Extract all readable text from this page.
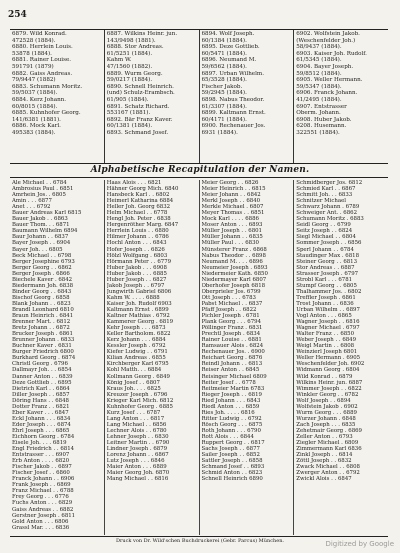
254
6879. Wild Konrad.
472528 (1884).
6880. Herrlein Louis.
53878 (1884).
6881. Rainer Louise.
591791 (1879)
6882. Gaiss Andreas.
79/9447 (1882)
6883. Schumann Moritz.
59/5037 (1884).
6884. Kerz Johann.
60/8015 (1884).
6885. Kuhnhofer Georg.
141/6381 (1881).
6886. Mock Karl.
495383 (1884).
6887. Wilkins Heinr. jun.
143/9498 (1881).
6888. Stor Andreas.
61/5251 (1884).
Kahm W.
47/1560 (1882).
6889. Wurm Georg.
59/0217 (1884).
6890. Schnell Heinrich.
(und) Schulz-Erambsch.
61/905 (1884).
6891. Schatz Richard.
553167 (1881).
6892. Bär Franz Kaver.
60/1381 (1884).
6893. Schmand Josef.
6894. Wolf Joseph.
60/1384 (1884).
6895. Deze Gottlieb.
60/5471 (1884).
6896. Neumand M.
59/6562 (1884).
6897. Urban Wilhelm.
65/3528 (1884).
Fischer Jakob.
59/2945 (1884).
6898. Nabus Theodor.
61/3307 (1884).
6899. Kaltmann Ernst.
60/4171 (1884).
6900. Rechenauer Jos.
6931 (1884).
6902. Wolfstein Jakob.
(Weschenfelder Joh.)
58/9437 (1884).
6903. Kaiser Joh. Rudolf.
61/5345 (1884).
6904. Bayer Joseph.
59/8512 (1884).
6905. Weller Hermann.
59/5347 (1884).
6906. Franck Johann.
41/2495 (1884).
6907. Entstrasser
Oberm. Johann.
6908. Huber Jakob.
6208. Husemann.
322551 (1884).
Alphabetische Recapitulation der Namen.
Ale Michael . . 6784
Ambrosius Paul . 6851
Amrhein Jos. . 6805
Amin . . . 6877
Anet . . . 6792
Bauer Andreas Karl 6815
Bauer Jakob . . 6863
Bauer Thom. . . 6871
Baumann Wilhelm 6894
Baur Johann . . 6837
Bayer Joseph . . 6904
Bayer Joh. . . 6805
Beck Michael . . 6798
Berger Josephine 6793
Berger Georg . . 6862
Berger Joseph . 6866
Biechele Kaver . 6842
Biedermann Joh. 6838
Binder Georg . . 6843
Bischof Georg . 6858
Blank Johann . . 6823
Brandl Leonhard 6810
Braun Heinrich . 6841
Brenner Mart. . 6812
Bretz Johann . . 6872
Brucker Joseph . 6861
Brunner Johann . 6833
Buchner Kaver . 6831
Burger Friedrich 6800
Burkhard Georg . 6874
Christl Georg . 6796
Dallmayr Joh. . . 6854
Danner Anton . . 6839
Deze Gottlieb . . 6895
Dietrich Karl . . 6864
Diller Joseph . . 6857
Döring Hans . . 6848
Dotter Franz . . 6821
Eber Kaver . . . 6847
Eckl Johann . . . 6834
Eder Joseph . . . 6874
Ehrl Joseph . . . 6865
Eichhorn Georg . 6784
Eisele Joh. . . . 6819
Engl Friedrich . . 6814
Entstrasser . . . 6907
Erb Anton . . . . 6820
Fischer Jakob . . 6897
Fischer Josef . . 6860
Franck Johann . . 6906
Frank Joseph . . 6869
Franz Michael . . 6788
Frey Georg . . . 6776
Fuchs Anton . . . 6829
Gaiss Andreas . . 6882
Gerstner Joseph . 6811
Gold Anton . . . 6806
Grassl Mar. . . . 6836
Haas Alois . . . 6821
Hähner Georg Mich. 6840
Hansbeck Karl . . 6802
Heimerl Katharina 6884
Heller Joh. Georg 6832
Helm Michael . . 6778
Hengl Joh. Peter . 6838
Hergenröther Marg. 6847
Herrlein Louis . . 6880
Hilmer Johann . . 6786
Hochl Anton . . . 6843
Hofer Joseph . . 6826
Hölzl Wolfgang . 6803
Hörmann Peter . . 6779
Huber Jakob . . . 6908
Huber Jakob . . . 6885
Huber Joseph . . 6827
Jakob Joseph . . 6797
Jungwirth Gabriel 6806
Kahm W. . . . . 6888
Kaiser Joh. Rudolf 6903
Kaltmann Ernst . 6899
Kaltner Mathias . 6792
Kammerer Georg . 6819
Kehr Joseph . . . 6873
Keller Bartholom. 6822
Kerz Johann . . . 6884
Kessler Joseph . 6792
Kiefer Ludwig . . 6791
Kilian Andreas . 6855
Kirchberger Karl 6795
Kohl Matth. . . 6884
Kollmann Georg . 6849
König Josef . . 6807
Kraus Joh. . . . 6825
Kreuzer Joseph . 6796
Krieger Karl Mich. 6812
Kuhnhofer Georg . 6885
Kurz Josef . . . 6787
Lang Anton . . . 6817
Lang Michael . . 6856
Lechner Alois . . 6780
Lehner Joseph . . 6830
Leitner Martin . . 6790
Lindner Joseph . 6879
Lorenz Johann . . 6867
Lutz Joseph . . . 6846
Maier Anton . . . 6889
Maier Georg Joh. 6870
Mang Michael . . 6816
Meier Georg . . 6826
Meier Heinrich . . 6815
Meier Johann . . 6842
Merkl Joseph . . 6840
Merkle Michael . 6807
Meyer Thomas . . 6851
Mock Karl . . . . 6886
Moser Anton . . . 6893
Müller Joseph . . 6801
Müller Johann . . 6835
Müller Paul . . . 6830
Münsterer Franz . 6868
Nabus Theodor . . 6898
Neumand M. . . . 6896
Neumeier Joseph . 6893
Niedermeier Kath. 6850
Niedermayer Karl 6807
Oberhofer Joseph 6818
Oberprieler Jos. 6799
Ott Joseph . . . 6783
Pabst Michael . . 6837
Pfaff Joseph . . 6822
Pichler Joseph . 6781
Plank Georg . . . 6794
Pöllinger Franz . 6831
Prechtl Joseph . 6834
Rainer Louise . . 6881
Ramsauer Alois . 6824
Rechenauer Jos. . 6900
Reichart Georg . 6876
Reindl Johann . . 6813
Reiser Anton . . 6845
Reisinger Michael 6809
Reiter Josef . . 6778
Reitmeier Martin 6783
Rieger Joseph . . 6819
Ried Johann . . . 6843
Riedl Anton . . . 6859
Ries Joh. . . . . 6816
Ritter Ludwig . . 6792
Rösch Georg . . . 6875
Roth Johann . . . 6790
Rott Alois . . . 6844
Ruppert Georg . . 6817
Sachs Joseph . . 6877
Sailer Joseph . . 6852
Sattler Joseph . . 6858
Schmand Josef . . 6893
Schmid Anton . . 6823
Schnell Heinrich 6890
Schmidberger Jos. 6812
Schmied Karl . . 6867
Schmitt Joh. . . 6833
Schnitzer Michael
Schwarz Johann . 6789
Schweiger Ant. . 6862
Schumann Moritz . 6883
Seidl Georg . . 6799
Seitz Joseph . . 6824
Siegl Michael . . 6804
Sommer Joseph . . 6856
Sperl Johann . . 6784
Staudinger Max . 6818
Steiner Georg . . 6813
Stor Andreas . . 6887
Strasser Joseph . 6797
Strobl Karl . . . 6781
Stumpf Georg . . 6805
Thalhammer Jos. . 6802
Treffler Joseph . 6861
Trost Johann . . 6836
Urban Wilhelm . . 6897
Vogl Anton . . . 6865
Wagner Joseph . . 6816
Wagner Michael . 6797
Walter Franz . . 6850
Weber Joseph . . 6849
Weigl Martin . . 6808
Weinzierl Joseph 6801
Weller Hermann . 6905
Weschenfelder Joh. 6902
Widmann Georg . 6804
Wild Konrad . . 6879
Wilkins Heinr. jun. 6887
Wimmer Joseph . . 6822
Winkler Georg . . 6782
Wolf Joseph . . 6894
Wolfstein Jakob . 6902
Wurm Georg . . . 6889
Wurzer Johann . 6848
Zach Joseph . . . 6835
Zehetmair Georg . 6869
Zeller Anton . . 6793
Ziegler Michael . 6809
Zimmermann Karl 6836
Zinkl Joseph . . 6814
Zöttl Joseph . . 6832
Zwack Michael . . 6808
Zwerger Anton . . 6792
Zwickl Alois . . 6847
Druck von Dr. Wild'schen Buchdruckerei (Gebr. Parcus) München.	Digitized by Google
